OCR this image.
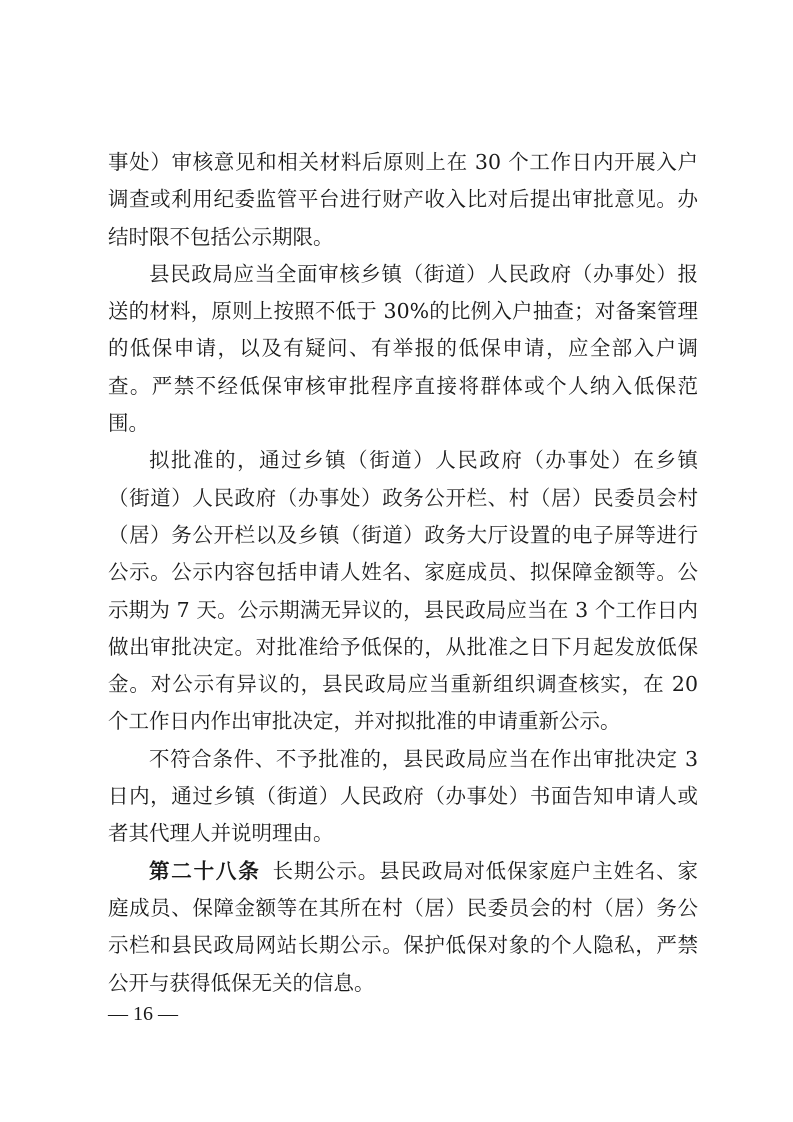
事处）审核意见和相关材料后原则上在 30 个工作日内开展入户调查或利用纪委监管平台进行财产收入比对后提出审批意见。办结时限不包括公示期限。

县民政局应当全面审核乡镇（街道）人民政府（办事处）报送的材料，原则上按照不低于 30%的比例入户抽查；对备案管理的低保申请，以及有疑问、有举报的低保申请，应全部入户调查。严禁不经低保审核审批程序直接将群体或个人纳入低保范围。

拟批准的，通过乡镇（街道）人民政府（办事处）在乡镇（街道）人民政府（办事处）政务公开栏、村（居）民委员会村（居）务公开栏以及乡镇（街道）政务大厅设置的电子屏等进行公示。公示内容包括申请人姓名、家庭成员、拟保障金额等。公示期为 7 天。公示期满无异议的，县民政局应当在 3 个工作日内做出审批决定。对批准给予低保的，从批准之日下月起发放低保金。对公示有异议的，县民政局应当重新组织调查核实，在 20 个工作日内作出审批决定，并对拟批准的申请重新公示。

不符合条件、不予批准的，县民政局应当在作出审批决定 3 日内，通过乡镇（街道）人民政府（办事处）书面告知申请人或者其代理人并说明理由。

第二十八条 长期公示。县民政局对低保家庭户主姓名、家庭成员、保障金额等在其所在村（居）民委员会的村（居）务公示栏和县民政局网站长期公示。保护低保对象的个人隐私，严禁公开与获得低保无关的信息。

— 16 —
